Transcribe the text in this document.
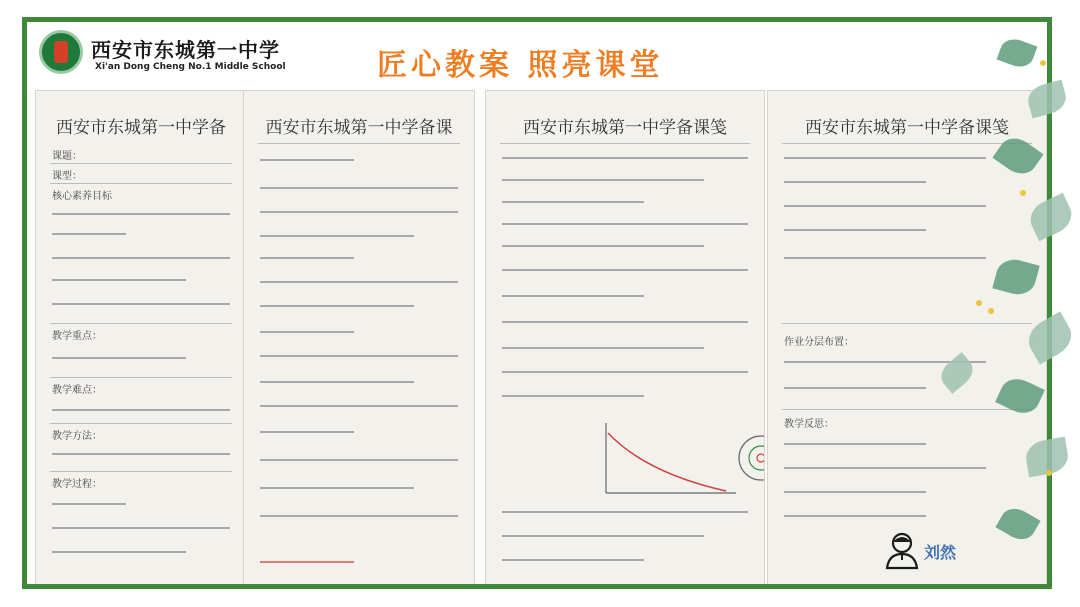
西安市东城第一中学
Xi'an Dong Cheng No.1 Middle School	匠心教案 照亮课堂
西安市东城第一中学备
课题：
课型：
核心素养目标
教学重点：
教学难点：
教学方法：
教学过程：
西安市东城第一中学备课	西安市东城第一中学备课笺	西安市东城第一中学备课笺
作业分层布置：
教学反思：
刘然
